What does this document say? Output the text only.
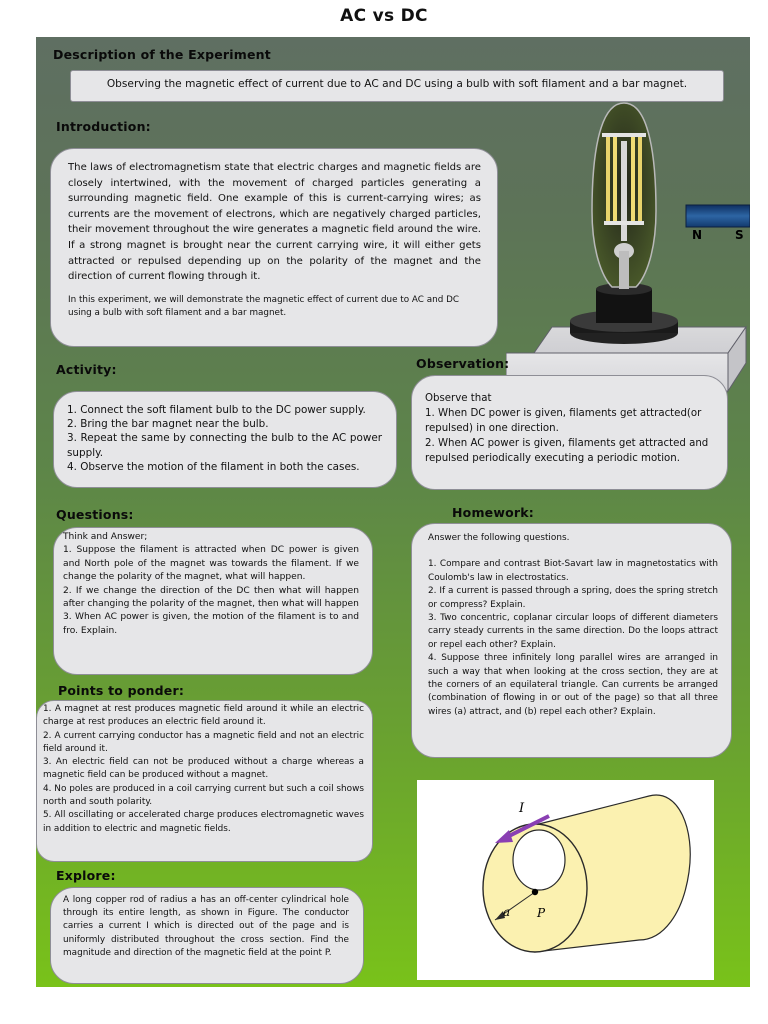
AC vs DC
Description of the Experiment
Observing the magnetic effect of current due to AC and DC using a bulb with soft filament and a bar magnet.
Introduction:

The laws of electromagnetism state that electric charges and magnetic fields are closely intertwined, with the movement of charged particles generating a surrounding magnetic field. One example of this is current-carrying wires; as currents are the movement of electrons, which are negatively charged particles, their movement throughout the wire generates a magnetic field around the wire. If a strong magnet is brought near the current carrying wire, it will either gets attracted or repulsed depending up on the polarity of the magnet and the direction of current flowing through it.

In this experiment, we will demonstrate the magnetic effect of current due to AC and DC using a bulb with soft filament and a bar magnet.

N	S
Activity:

1. Connect the soft filament bulb to the DC power supply.

2. Bring the bar magnet near the bulb.

3. Repeat the same by connecting the bulb to the AC power supply.

4. Observe the motion of the filament in both the cases.

Observation:

Observe that

1. When DC power is given, filaments get attracted(or repulsed) in one direction.

2. When AC power is given, filaments get attracted and repulsed periodically executing a periodic motion.

Questions:

Think and Answer;

1. Suppose the filament is attracted when DC power is given and North pole of the magnet was towards the filament. If we change the polarity of the magnet, what will happen.

2. If we change the direction of the DC then what will happen after changing the polarity of the magnet, then what will happen

3. When AC power is given, the motion of the filament is to and fro. Explain.

Homework:

Answer the following questions.

1. Compare and contrast Biot-Savart law in magnetostatics with Coulomb's law in electrostatics.

2. If a current is passed through a spring, does the spring stretch or compress? Explain.

3. Two concentric, coplanar circular loops of different diameters carry steady currents in the same direction. Do the loops attract or repel each other? Explain.

4. Suppose three infinitely long parallel wires are arranged in such a way that when looking at the cross section, they are at the corners of an equilateral triangle. Can currents be arranged (combination of flowing in or out of the page) so that all three wires (a) attract, and (b) repel each other? Explain.

Points to ponder:

1. A magnet at rest produces magnetic field around it while an electric charge at rest produces an electric field around it.

2. A current carrying conductor has a magnetic field and not an electric field around it.

3. An electric field can not be produced without a charge whereas a magnetic field can be produced without a magnet.

4. No poles are produced in a coil carrying current but such a coil shows north and south polarity.

5. All oscillating or accelerated charge produces electromagnetic waves in addition to electric and magnetic fields.

Explore:

A long copper rod of radius a has an off-center cylindrical hole through its entire length, as shown in Figure. The conductor carries a current I which is directed out of the page and is uniformly distributed throughout the cross section. Find the magnitude and direction of the magnetic field at the point P.

a P
I
